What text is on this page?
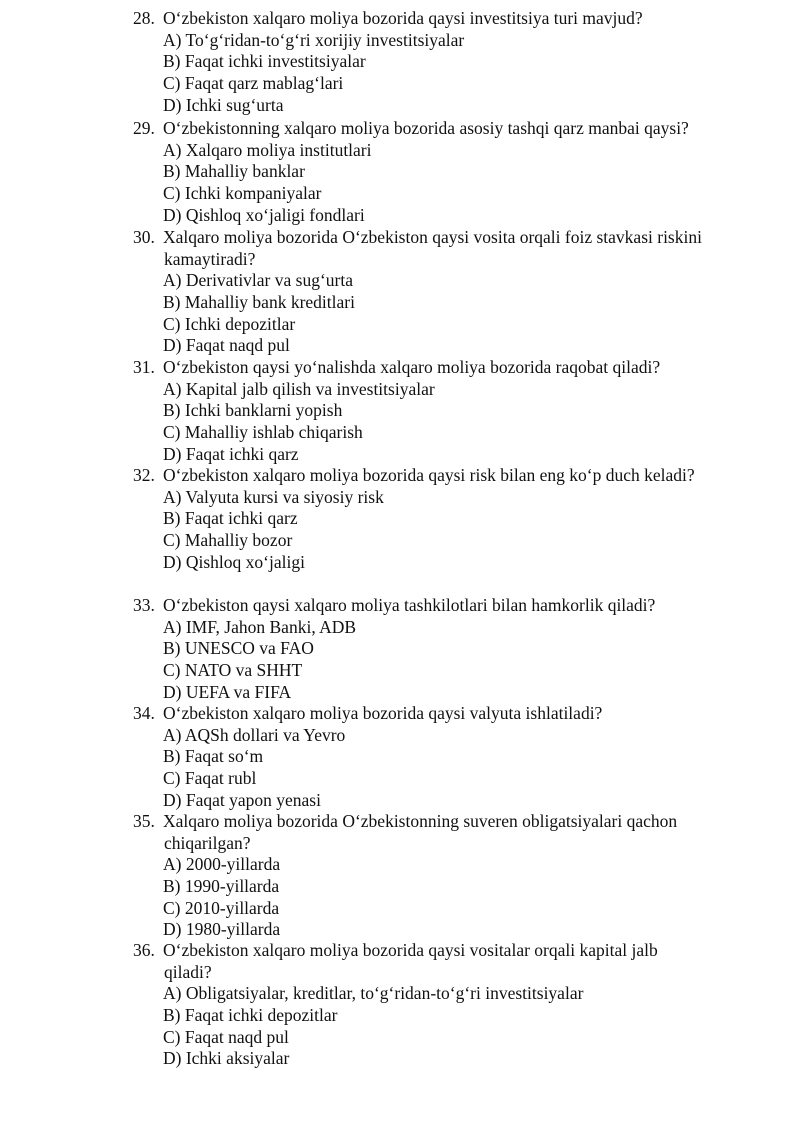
28. O‘zbekiston xalqaro moliya bozorida qaysi investitsiya turi mavjud?
A) To‘g‘ridan-to‘g‘ri xorijiy investitsiyalar
B) Faqat ichki investitsiyalar
C) Faqat qarz mablag‘lari
D) Ichki sug‘urta
29. O‘zbekistonning xalqaro moliya bozorida asosiy tashqi qarz manbai qaysi?
A) Xalqaro moliya institutlari
B) Mahalliy banklar
C) Ichki kompaniyalar
D) Qishloq xo‘jaligi fondlari
30. Xalqaro moliya bozorida O‘zbekiston qaysi vosita orqali foiz stavkasi riskini
kamaytiradi?
A) Derivativlar va sug‘urta
B) Mahalliy bank kreditlari
C) Ichki depozitlar
D) Faqat naqd pul
31. O‘zbekiston qaysi yo‘nalishda xalqaro moliya bozorida raqobat qiladi?
A) Kapital jalb qilish va investitsiyalar
B) Ichki banklarni yopish
C) Mahalliy ishlab chiqarish
D) Faqat ichki qarz
32. O‘zbekiston xalqaro moliya bozorida qaysi risk bilan eng ko‘p duch keladi?
A) Valyuta kursi va siyosiy risk
B) Faqat ichki qarz
C) Mahalliy bozor
D) Qishloq xo‘jaligi
33. O‘zbekiston qaysi xalqaro moliya tashkilotlari bilan hamkorlik qiladi?
A) IMF, Jahon Banki, ADB
B) UNESCO va FAO
C) NATO va SHHT
D) UEFA va FIFA
34. O‘zbekiston xalqaro moliya bozorida qaysi valyuta ishlatiladi?
A) AQSh dollari va Yevro
B) Faqat so‘m
C) Faqat rubl
D) Faqat yapon yenasi
35. Xalqaro moliya bozorida O‘zbekistonning suveren obligatsiyalari qachon
chiqarilgan?
A) 2000-yillarda
B) 1990-yillarda
C) 2010-yillarda
D) 1980-yillarda
36. O‘zbekiston xalqaro moliya bozorida qaysi vositalar orqali kapital jalb
qiladi?
A) Obligatsiyalar, kreditlar, to‘g‘ridan-to‘g‘ri investitsiyalar
B) Faqat ichki depozitlar
C) Faqat naqd pul
D) Ichki aksiyalar
